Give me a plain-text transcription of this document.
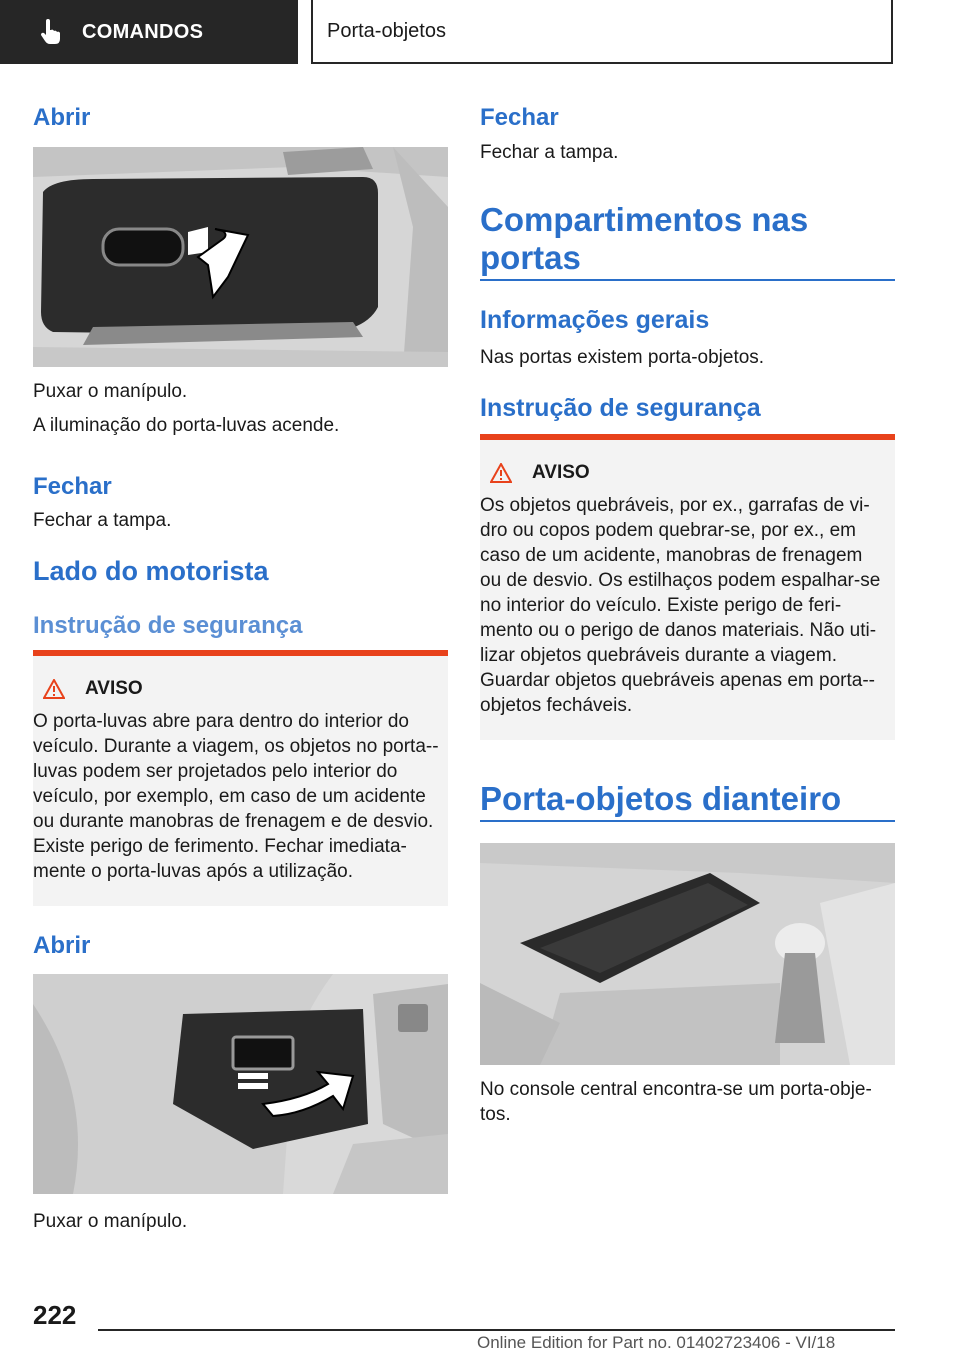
COMANDOS	Porta-objetos
Abrir

Puxar o manípulo.

A iluminação do porta-luvas acende.

Fechar

Fechar a tampa.

Lado do motorista
Instrução de segurança
AVISO
O porta-luvas abre para dentro do interior do veículo. Durante a viagem, os objetos no porta--luvas podem ser projetados pelo interior do veículo, por exemplo, em caso de um acidente ou durante manobras de frenagem e de desvio. Existe perigo de ferimento. Fechar imediata-mente o porta-luvas após a utilização.
Abrir

Puxar o manípulo.

Fechar

Fechar a tampa.

Compartimentos nas portas
Informações gerais

Nas portas existem porta-objetos.

Instrução de segurança
AVISO
Os objetos quebráveis, por ex., garrafas de vi-dro ou copos podem quebrar-se, por ex., em caso de um acidente, manobras de frenagem ou de desvio. Os estilhaços podem espalhar-se no interior do veículo. Existe perigo de feri-mento ou o perigo de danos materiais. Não uti-lizar objetos quebráveis durante a viagem. Guardar objetos quebráveis apenas em porta--objetos fecháveis.
Porta-objetos dianteiro

No console central encontra-se um porta-obje-tos.

222
Online Edition for Part no. 01402723406 - VI/18
